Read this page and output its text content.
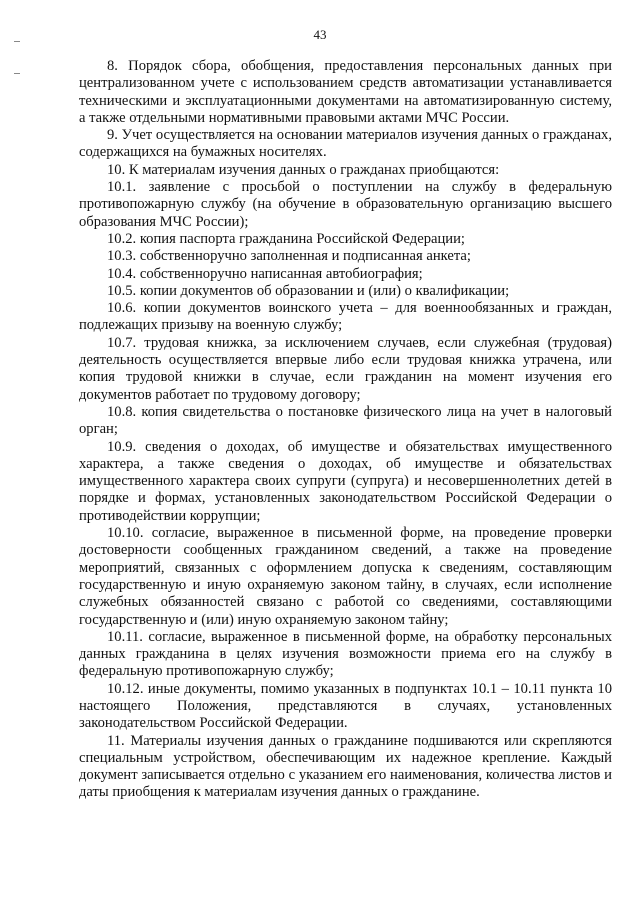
43

8. Порядок сбора, обобщения, предоставления персональных данных при централизованном учете с использованием средств автоматизации устанавливается техническими и эксплуатационными документами на автоматизированную систему, а также отдельными нормативными правовыми актами МЧС России.

9. Учет осуществляется на основании материалов изучения данных о гражданах, содержащихся на бумажных носителях.

10. К материалам изучения данных о гражданах приобщаются:

10.1. заявление с просьбой о поступлении на службу в федеральную противопожарную службу (на обучение в образовательную организацию высшего образования МЧС России);

10.2. копия паспорта гражданина Российской Федерации;

10.3. собственноручно заполненная и подписанная анкета;

10.4. собственноручно написанная автобиография;

10.5. копии документов об образовании и (или) о квалификации;

10.6. копии документов воинского учета – для военнообязанных и граждан, подлежащих призыву на военную службу;

10.7. трудовая книжка, за исключением случаев, если служебная (трудовая) деятельность осуществляется впервые либо если трудовая книжка утрачена, или копия трудовой книжки в случае, если гражданин на момент изучения его документов работает по трудовому договору;

10.8. копия свидетельства о постановке физического лица на учет в налоговый орган;

10.9. сведения о доходах, об имуществе и обязательствах имущественного характера, а также сведения о доходах, об имуществе и обязательствах имущественного характера своих супруги (супруга) и несовершеннолетних детей в порядке и формах, установленных законодательством Российской Федерации о противодействии коррупции;

10.10. согласие, выраженное в письменной форме, на проведение проверки достоверности сообщенных гражданином сведений, а также на проведение мероприятий, связанных с оформлением допуска к сведениям, составляющим государственную и иную охраняемую законом тайну, в случаях, если исполнение служебных обязанностей связано с работой со сведениями, составляющими государственную и (или) иную охраняемую законом тайну;

10.11. согласие, выраженное в письменной форме, на обработку персональных данных гражданина в целях изучения возможности приема его на службу в федеральную противопожарную службу;

10.12. иные документы, помимо указанных в подпунктах 10.1 – 10.11 пункта 10 настоящего Положения, представляются в случаях, установленных законодательством Российской Федерации.

11. Материалы изучения данных о гражданине подшиваются или скрепляются специальным устройством, обеспечивающим их надежное крепление. Каждый документ записывается отдельно с указанием его наименования, количества листов и даты приобщения к материалам изучения данных о гражданине.
